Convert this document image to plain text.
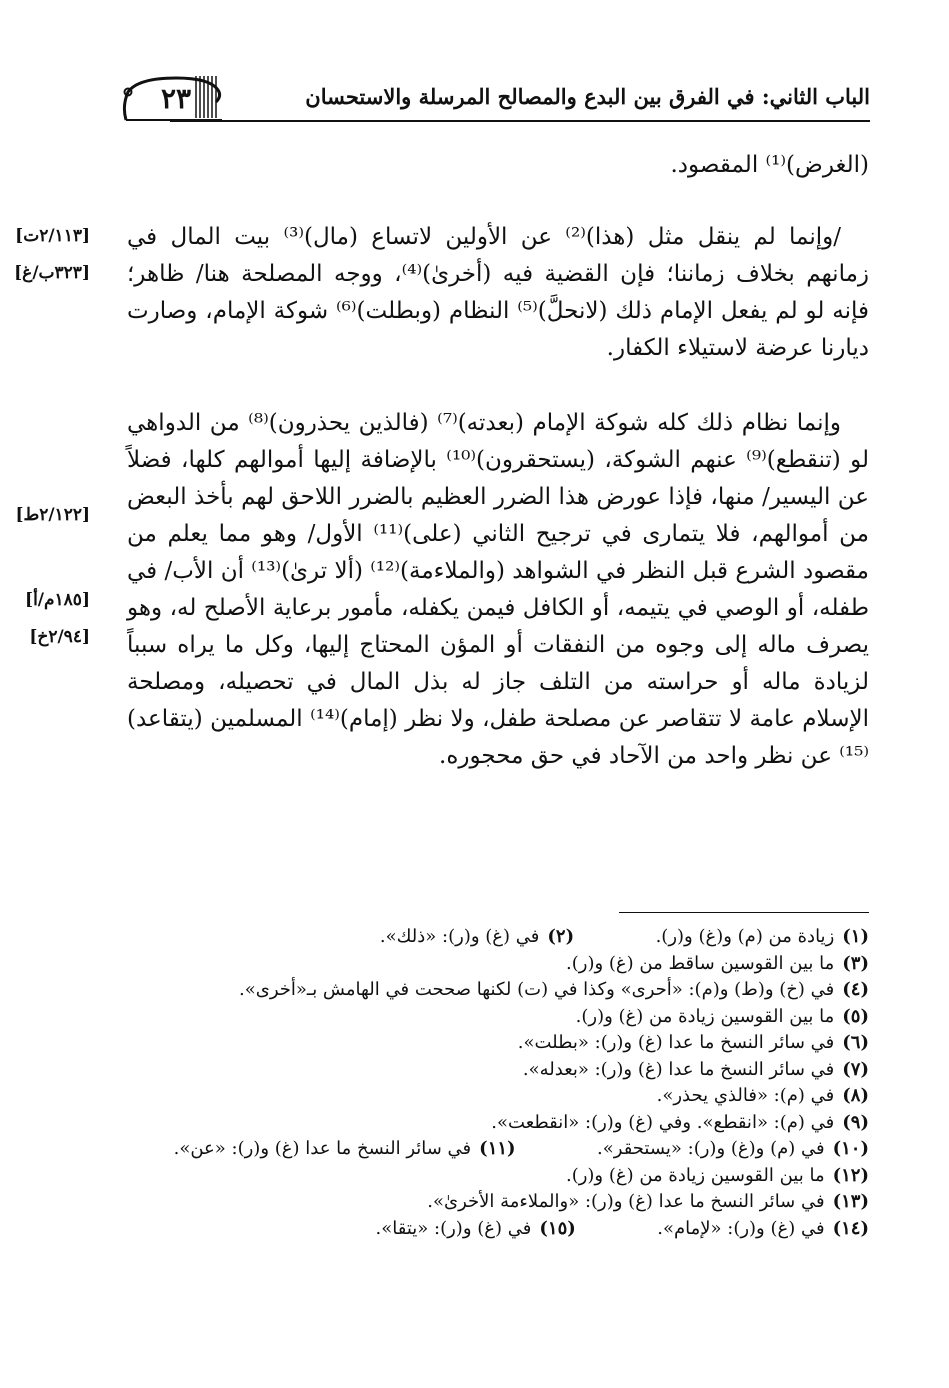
الباب الثاني: في الفرق بين البدع والمصالح المرسلة والاستحسان
٢٣
[٢/١١٣ت]
[٣٢٣ب/غ]
[٢/١٢٢ط]
[١٨٥م/أ]
[٢/٩٤خ]
(الغرض)⁽¹⁾ المقصود.
/وإنما لم ينقل مثل (هذا)⁽²⁾ عن الأولين لاتساع (مال)⁽³⁾ بيت المال في زمانهم بخلاف زماننا؛ فإن القضية فيه (أخرىٰ)⁽⁴⁾، ووجه المصلحة هنا/ ظاهر؛ فإنه لو لم يفعل الإمام ذلك (لانحلَّ)⁽⁵⁾ النظام (وبطلت)⁽⁶⁾ شوكة الإمام، وصارت ديارنا عرضة لاستيلاء الكفار.
وإنما نظام ذلك كله شوكة الإمام (بعدته)⁽⁷⁾ (فالذين يحذرون)⁽⁸⁾ من الدواهي لو (تنقطع)⁽⁹⁾ عنهم الشوكة، (يستحقرون)⁽¹⁰⁾ بالإضافة إليها أموالهم كلها، فضلاً عن اليسير/ منها، فإذا عورض هذا الضرر العظيم بالضرر اللاحق لهم بأخذ البعض من أموالهم، فلا يتمارى في ترجيح الثاني (على)⁽¹¹⁾ الأول/ وهو مما يعلم من مقصود الشرع قبل النظر في الشواهد (والملاءمة)⁽¹²⁾ (ألا ترىٰ)⁽¹³⁾ أن الأب/ في طفله، أو الوصي في يتيمه، أو الكافل فيمن يكفله، مأمور برعاية الأصلح له، وهو يصرف ماله إلى وجوه من النفقات أو المؤن المحتاج إليها، وكل ما يراه سبباً لزيادة ماله أو حراسته من التلف جاز له بذل المال في تحصيله، ومصلحة الإسلام عامة لا تتقاصر عن مصلحة طفل، ولا نظر (إمام)⁽¹⁴⁾ المسلمين (يتقاعد)⁽¹⁵⁾ عن نظر واحد من الآحاد في حق محجوره.
(١)زيادة من (م) و(غ) و(ر).  (٢)في (غ) و(ر): «ذلك».
(٣)ما بين القوسين ساقط من (غ) و(ر).
(٤)في (خ) و(ط) و(م): «أحرى» وكذا في (ت) لكنها صححت في الهامش بـ«أخرى».
(٥)ما بين القوسين زيادة من (غ) و(ر).
(٦)في سائر النسخ ما عدا (غ) و(ر): «بطلت».
(٧)في سائر النسخ ما عدا (غ) و(ر): «بعدله».
(٨)في (م): «فالذي يحذر».
(٩)في (م): «انقطع». وفي (غ) و(ر): «انقطعت».
(١٠)في (م) و(غ) و(ر): «يستحقر».  (١١)في سائر النسخ ما عدا (غ) و(ر): «عن».
(١٢)ما بين القوسين زيادة من (غ) و(ر).
(١٣)في سائر النسخ ما عدا (غ) و(ر): «والملاءمة الأخرىٰ».
(١٤)في (غ) و(ر): «لإمام».  (١٥)في (غ) و(ر): «يتقا».
